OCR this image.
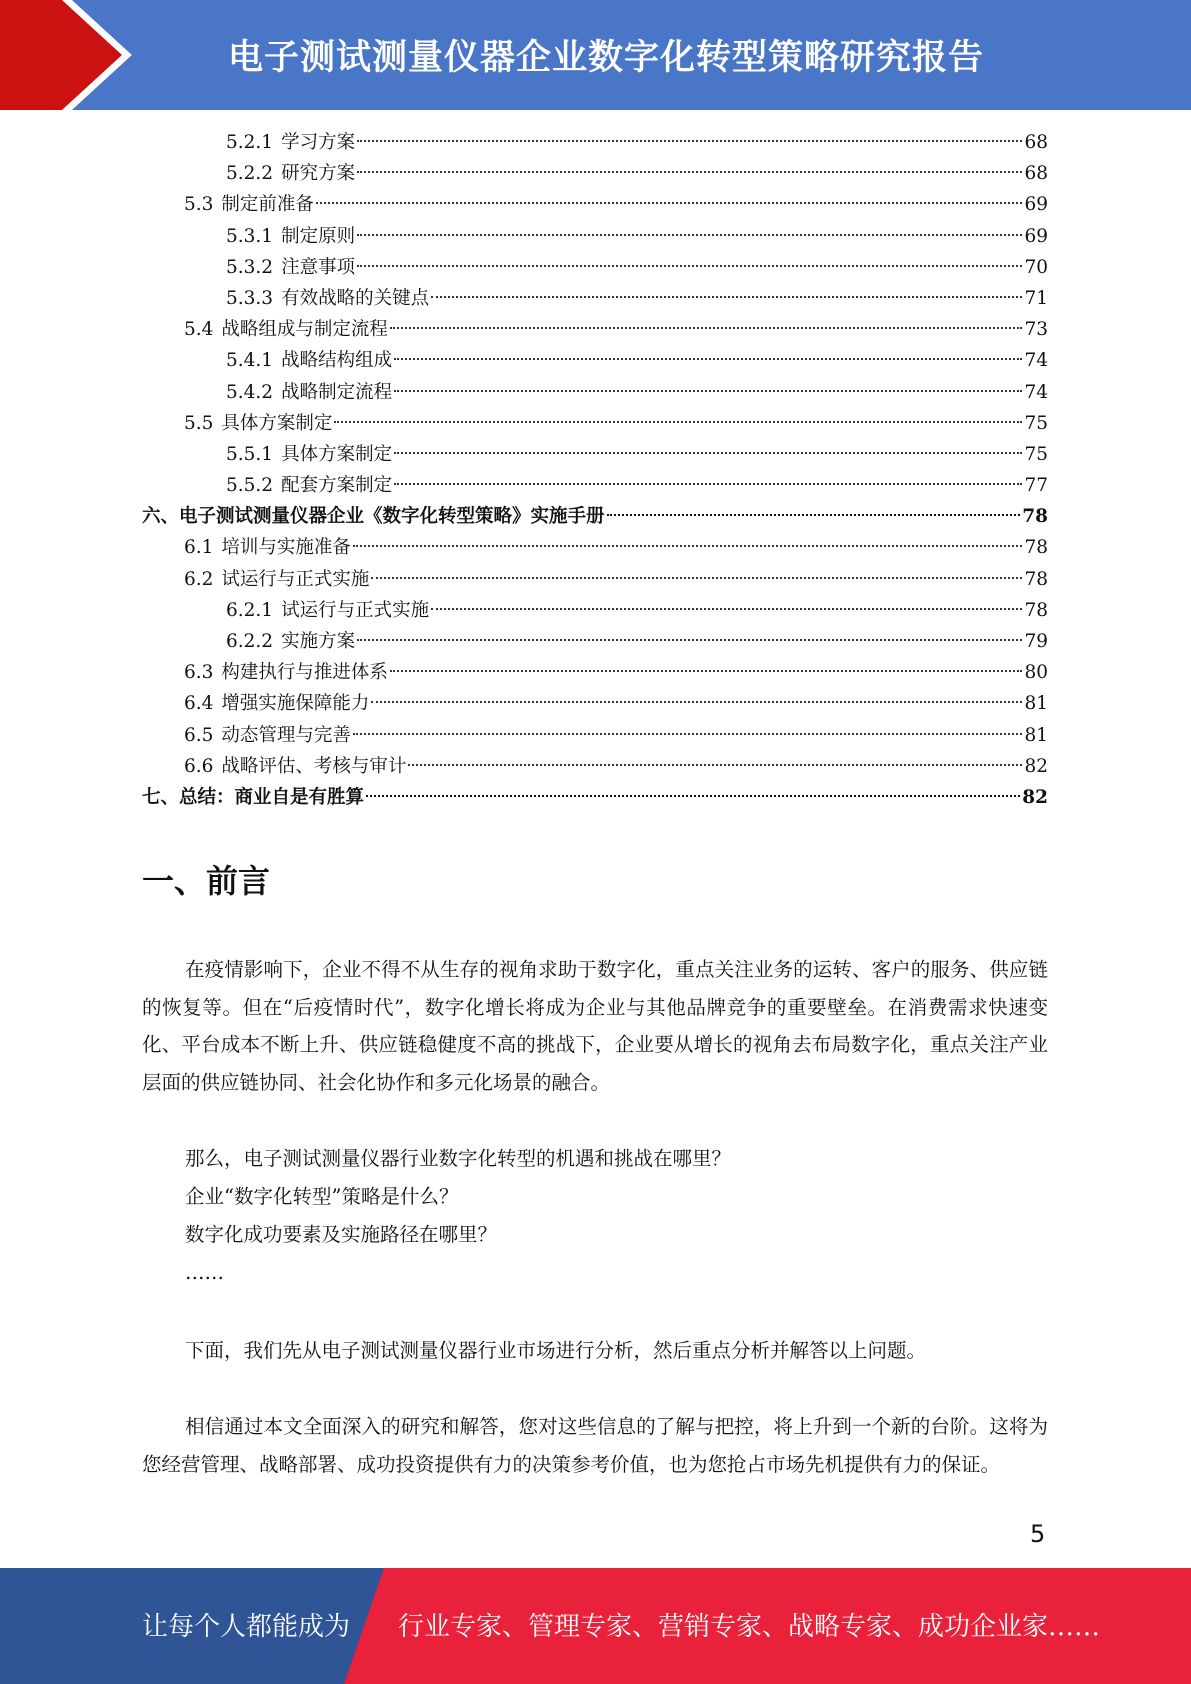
电子测试测量仪器企业数字化转型策略研究报告
5.2.1 学习方案	68
5.2.2 研究方案	68
5.3 制定前准备	69
5.3.1 制定原则	69
5.3.2 注意事项	70
5.3.3 有效战略的关键点	71
5.4 战略组成与制定流程	73
5.4.1 战略结构组成	74
5.4.2 战略制定流程	74
5.5 具体方案制定	75
5.5.1 具体方案制定	75
5.5.2 配套方案制定	77
六、电子测试测量仪器企业《数字化转型策略》实施手册	78
6.1 培训与实施准备	78
6.2 试运行与正式实施	78
6.2.1 试运行与正式实施	78
6.2.2 实施方案	79
6.3 构建执行与推进体系	80
6.4 增强实施保障能力	81
6.5 动态管理与完善	81
6.6 战略评估、考核与审计	82
七、总结：商业自是有胜算	82
一、前言

在疫情影响下，企业不得不从生存的视角求助于数字化，重点关注业务的运转、客户的服务、供应链的恢复等。但在“后疫情时代”，数字化增长将成为企业与其他品牌竞争的重要壁垒。在消费需求快速变化、平台成本不断上升、供应链稳健度不高的挑战下，企业要从增长的视角去布局数字化，重点关注产业层面的供应链协同、社会化协作和多元化场景的融合。

那么，电子测试测量仪器行业数字化转型的机遇和挑战在哪里？

企业“数字化转型”策略是什么？

数字化成功要素及实施路径在哪里？

……

下面，我们先从电子测试测量仪器行业市场进行分析，然后重点分析并解答以上问题。

相信通过本文全面深入的研究和解答，您对这些信息的了解与把控，将上升到一个新的台阶。这将为您经营管理、战略部署、成功投资提供有力的决策参考价值，也为您抢占市场先机提供有力的保证。

5
让每个人都能成为 行业专家、管理专家、营销专家、战略专家、成功企业家……
